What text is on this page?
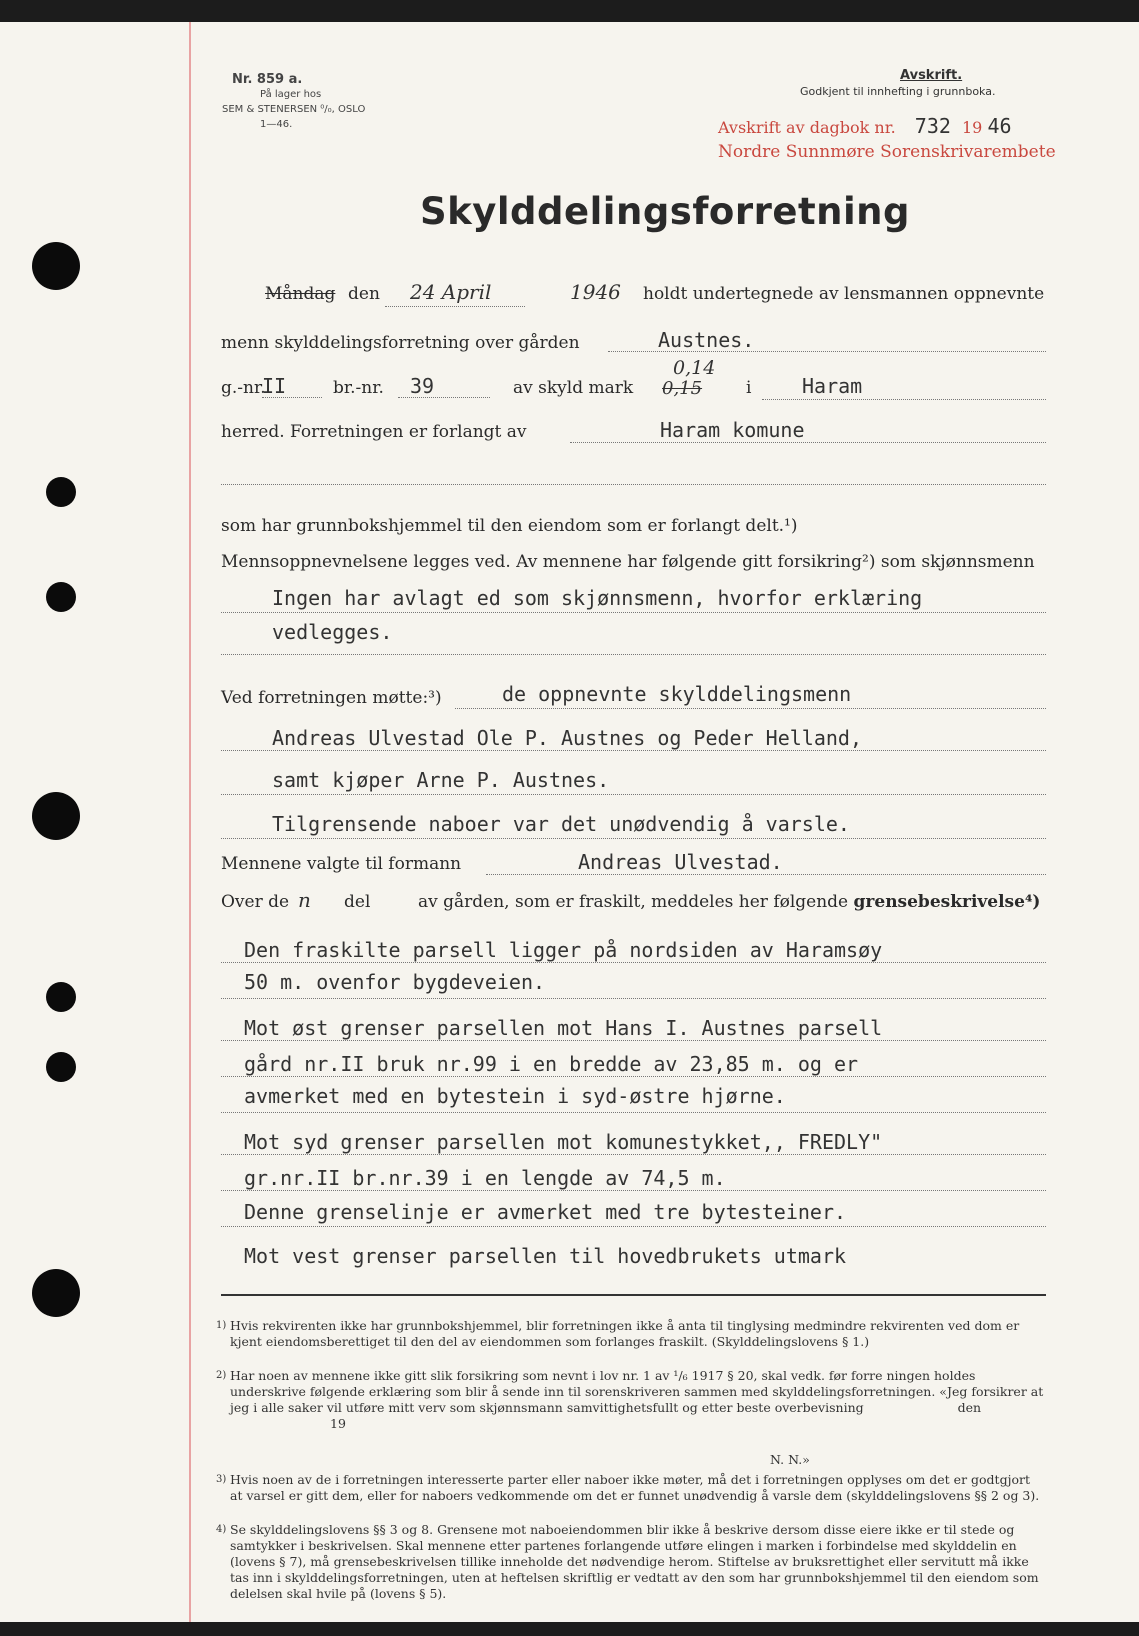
Nr. 859 a.
På lager hos
SEM & STENERSEN ⁰/₀, OSLO
1—46.
Avskrift.
Godkjent til innhefting i grunnboka.
Avskrift av dagbok nr. 732 19 46
Nordre Sunnmøre Sorenskrivarembete
Skylddelingsforretning
Måndag den 24 April	1946 holdt undertegnede av lensmannen oppnevnte
menn skylddelingsforretning over gården	Austnes.
g.-nr.
II	br.-nr. 39	av skyld mark
0,14
0,15	i	Haram
herred. Forretningen er forlangt av	Haram komune
som har grunnbokshjemmel til den eiendom som er forlangt delt.¹)
Mennsoppnevnelsene legges ved. Av mennene har følgende gitt forsikring²) som skjønnsmenn
Ingen har avlagt ed som skjønnsmenn, hvorfor erklæring
vedlegges.
Ved forretningen møtte:³)	de oppnevnte skylddelingsmenn
Andreas Ulvestad Ole P. Austnes og Peder Helland,
samt kjøper Arne P. Austnes.
Tilgrensende naboer var det unødvendig å varsle.
Mennene valgte til formann	Andreas Ulvestad.
Over de n del	av gården, som er fraskilt, meddeles her følgende grensebeskrivelse⁴)
Den fraskilte parsell ligger på nordsiden av Haramsøy
50 m. ovenfor bygdeveien.
Mot øst grenser parsellen mot Hans I. Austnes parsell
gård nr.II bruk nr.99 i en bredde av 23,85 m. og er
avmerket med en bytestein i syd-østre hjørne.
Mot syd grenser parsellen mot komunestykket,, FREDLY"
gr.nr.II br.nr.39 i en lengde av 74,5 m.
Denne grenselinje er avmerket med tre bytesteiner.
Mot vest grenser parsellen til hovedbrukets utmark
1) Hvis rekvirenten ikke har grunnbokshjemmel, blir forretningen ikke å anta til tinglysing medmindre rekvirenten ved dom er kjent eiendomsberettiget til den del av eiendommen som forlanges fraskilt. (Skylddelingslovens § 1.)
2) Har noen av mennene ikke gitt slik forsikring som nevnt i lov nr. 1 av ¹/₆ 1917 § 20, skal vedk. før forre ningen holdes underskrive følgende erklæring som blir å sende inn til sorenskriveren sammen med skylddelingsforretningen. «Jeg forsikrer at jeg i alle saker vil utføre mitt verv som skjønnsmann samvittighetsfullt og etter beste overbevisning	den 19
N. N.»
3) Hvis noen av de i forretningen interesserte parter eller naboer ikke møter, må det i forretningen opplyses om det er godtgjort at varsel er gitt dem, eller for naboers vedkommende om det er funnet unødvendig å varsle dem (skylddelingslovens §§ 2 og 3).
4) Se skylddelingslovens §§ 3 og 8. Grensene mot naboeiendommen blir ikke å beskrive dersom disse eiere ikke er til stede og samtykker i beskrivelsen. Skal mennene etter partenes forlangende utføre elingen i marken i forbindelse med skylddelin en (lovens § 7), må grensebeskrivelsen tillike inneholde det nødvendige herom. Stiftelse av bruksrettighet eller servitutt må ikke tas inn i skylddelingsforretningen, uten at heftelsen skriftlig er vedtatt av den som har grunnbokshjemmel til den eiendom som delelsen skal hvile på (lovens § 5).
